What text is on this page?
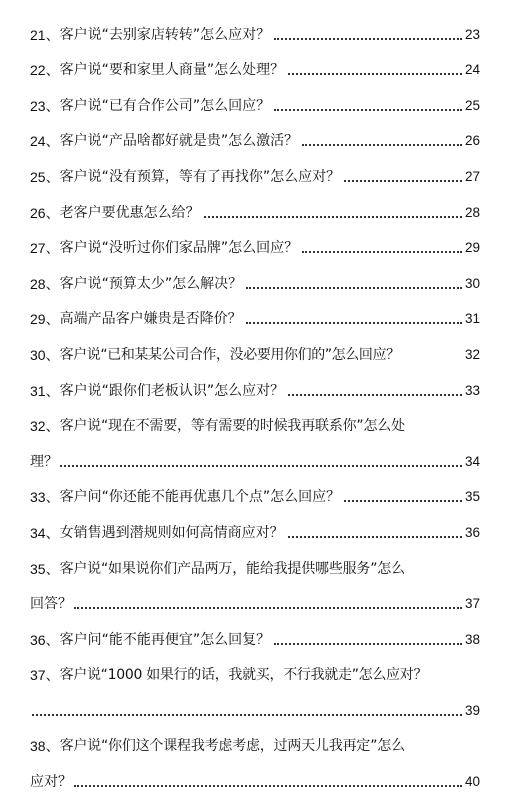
21、 客户说“去别家店转转”怎么应对？	23
22、 客户说“要和家里人商量”怎么处理？	24
23、 客户说“已有合作公司”怎么回应？	25
24、 客户说“产品啥都好就是贵”怎么激活？	26
25、 客户说“没有预算，等有了再找你”怎么应对？	27
26、 老客户要优惠怎么给？	28
27、 客户说“没听过你们家品牌”怎么回应？	29
28、 客户说“预算太少”怎么解决？	30
29、 高端产品客户嫌贵是否降价？	31
30、 客户说“已和某某公司合作，没必要用你们的”怎么回应？	32
31、 客户说“跟你们老板认识”怎么应对？	33
32、 客户说“现在不需要，等有需要的时候我再联系你”怎么处
理？	34
33、 客户问“你还能不能再优惠几个点”怎么回应？	35
34、 女销售遇到潜规则如何高情商应对？	36
35、 客户说“如果说你们产品两万，能给我提供哪些服务”怎么
回答？	37
36、 客户问“能不能再便宜”怎么回复？	38
37、 客户说“1000 如果行的话，我就买，不行我就走”怎么应对？
39
38、 客户说“你们这个课程我考虑考虑，过两天儿我再定”怎么
应对？	40
